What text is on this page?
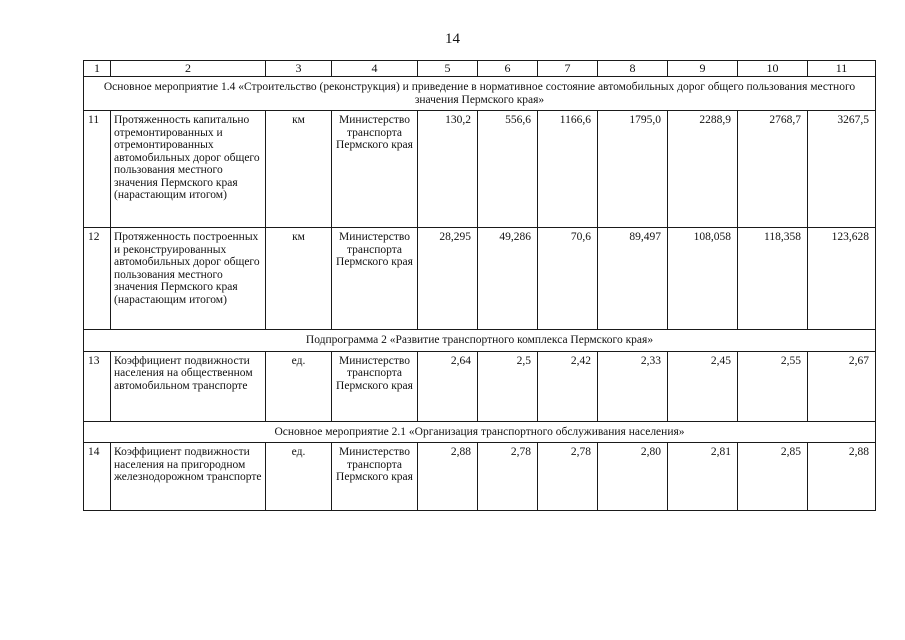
14
1	2	3	4	5	6	7	8	9	10	11
Основное мероприятие 1.4 «Строительство (реконструкция) и приведение в нормативное состояние автомобильных дорог общего пользования местного значения Пермского края»										
11	Протяженность капитально отремонтированных и отремонтированных автомобильных дорог общего пользования местного значения Пермского края (нарастающим итогом)	км	Министерство транспорта Пермского края	130,2	556,6	1166,6	1795,0	2288,9	2768,7	3267,5
12	Протяженность построенных и реконструированных автомобильных дорог общего пользования местного значения Пермского края (нарастающим итогом)	км	Министерство транспорта Пермского края	28,295	49,286	70,6	89,497	108,058	118,358	123,628
Подпрограмма 2 «Развитие транспортного комплекса Пермского края»										
13	Коэффициент подвижности населения на общественном автомобильном транспорте	ед.	Министерство транспорта Пермского края	2,64	2,5	2,42	2,33	2,45	2,55	2,67
Основное мероприятие 2.1 «Организация транспортного обслуживания населения»										
14	Коэффициент подвижности населения на пригородном железнодорожном транспорте	ед.	Министерство транспорта Пермского края	2,88	2,78	2,78	2,80	2,81	2,85	2,88
